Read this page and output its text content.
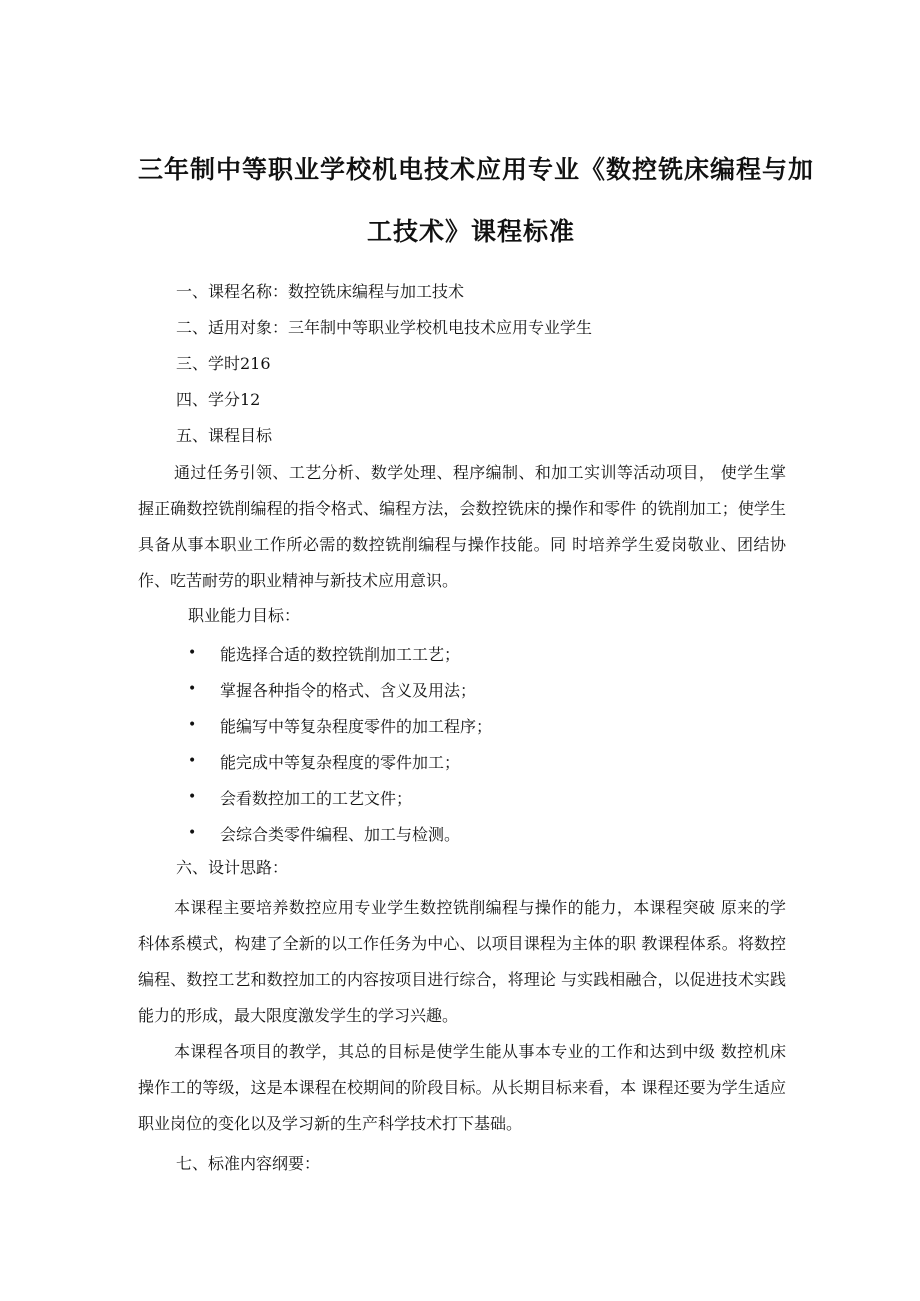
三年制中等职业学校机电技术应用专业《数控铣床编程与加
工技术》课程标准
一、课程名称：数控铣床编程与加工技术
二、适用对象：三年制中等职业学校机电技术应用专业学生
三、学时216
四、学分12
五、课程目标

通过任务引领、工艺分析、数学处理、程序编制、和加工实训等活动项目， 使学生掌握正确数控铣削编程的指令格式、编程方法，会数控铣床的操作和零件 的铣削加工；使学生具备从事本职业工作所必需的数控铣削编程与操作技能。同 时培养学生爱岗敬业、团结协作、吃苦耐劳的职业精神与新技术应用意识。

职业能力目标：
• 能选择合适的数控铣削加工工艺；
• 掌握各种指令的格式、含义及用法；
• 能编写中等复杂程度零件的加工程序；
• 能完成中等复杂程度的零件加工；
• 会看数控加工的工艺文件；
• 会综合类零件编程、加工与检测。
六、设计思路：

本课程主要培养数控应用专业学生数控铣削编程与操作的能力，本课程突破 原来的学科体系模式，构建了全新的以工作任务为中心、以项目课程为主体的职 教课程体系。将数控编程、数控工艺和数控加工的内容按项目进行综合，将理论 与实践相融合，以促进技术实践能力的形成，最大限度激发学生的学习兴趣。

本课程各项目的教学，其总的目标是使学生能从事本专业的工作和达到中级 数控机床操作工的等级，这是本课程在校期间的阶段目标。从长期目标来看，本 课程还要为学生适应职业岗位的变化以及学习新的生产科学技术打下基础。

七、标准内容纲要：
